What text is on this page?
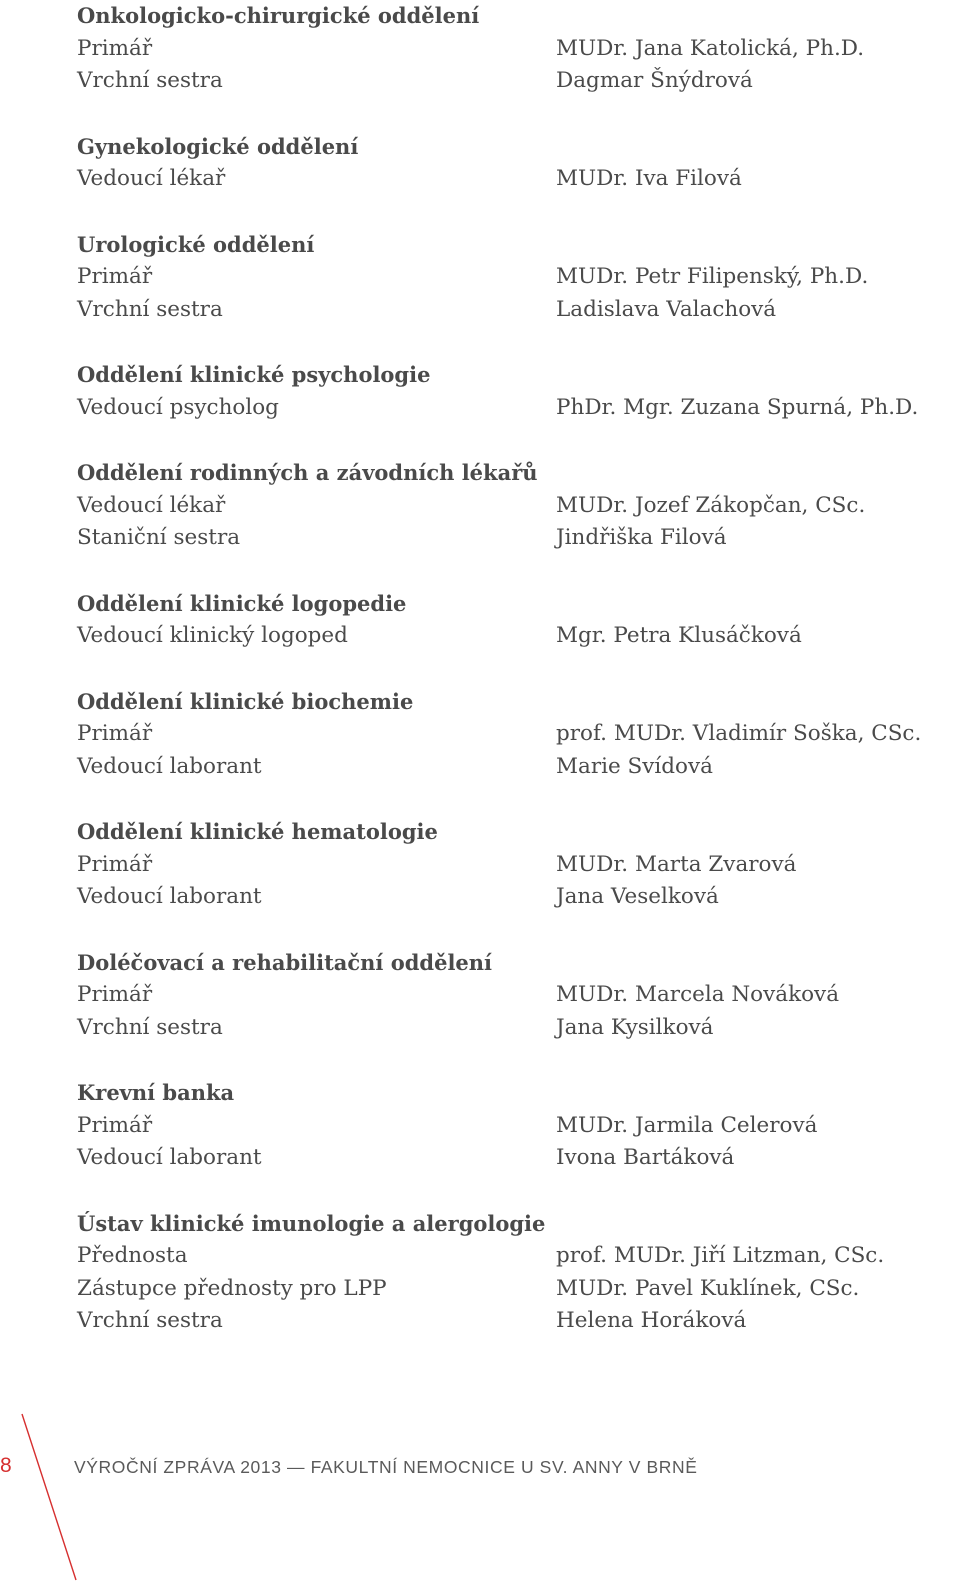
Onkologicko-chirurgické oddělení
Primář	MUDr. Jana Katolická, Ph.D.
Vrchní sestra	Dagmar Šnýdrová
Gynekologické oddělení
Vedoucí lékař	MUDr. Iva Filová
Urologické oddělení
Primář	MUDr. Petr Filipenský, Ph.D.
Vrchní sestra	Ladislava Valachová
Oddělení klinické psychologie
Vedoucí psycholog	PhDr. Mgr. Zuzana Spurná, Ph.D.
Oddělení rodinných a závodních lékařů
Vedoucí lékař	MUDr. Jozef Zákopčan, CSc.
Staniční sestra	Jindřiška Filová
Oddělení klinické logopedie
Vedoucí klinický logoped	Mgr. Petra Klusáčková
Oddělení klinické biochemie
Primář	prof. MUDr. Vladimír Soška, CSc.
Vedoucí laborant	Marie Svídová
Oddělení klinické hematologie
Primář	MUDr. Marta Zvarová
Vedoucí laborant	Jana Veselková
Doléčovací a rehabilitační oddělení
Primář	MUDr. Marcela Nováková
Vrchní sestra	Jana Kysilková
Krevní banka
Primář	MUDr. Jarmila Celerová
Vedoucí laborant	Ivona Bartáková
Ústav klinické imunologie a alergologie
Přednosta	prof. MUDr. Jiří Litzman, CSc.
Zástupce přednosty pro LPP	MUDr. Pavel Kuklínek, CSc.
Vrchní sestra	Helena Horáková
8	VÝROČNÍ ZPRÁVA 2013 — FAKULTNÍ NEMOCNICE U SV. ANNY V BRNĚ
